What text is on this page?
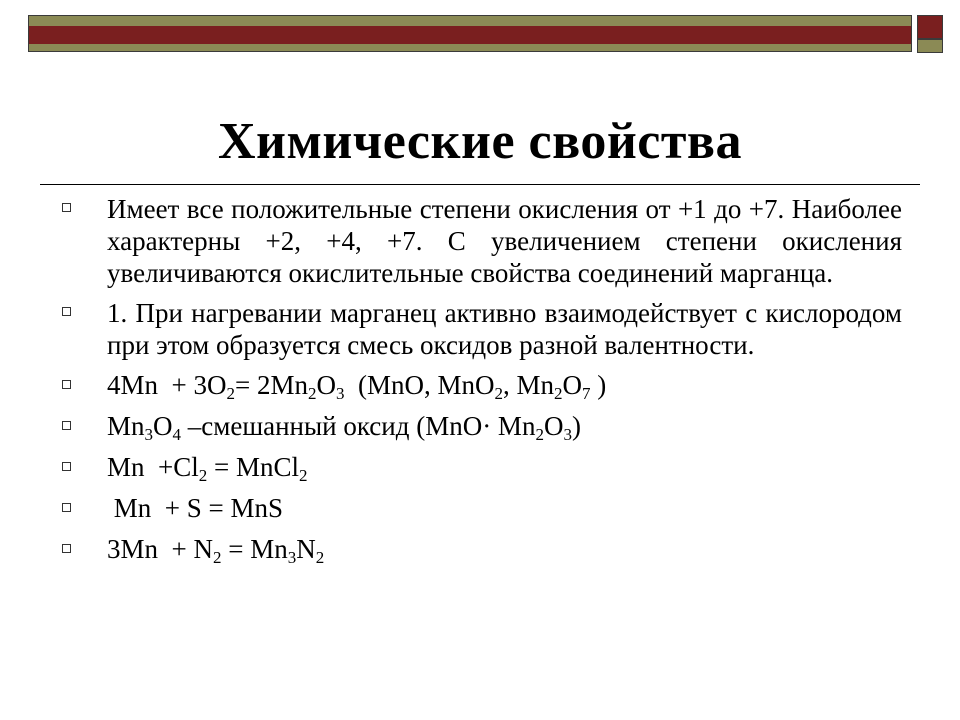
Химические свойства
Имеет все положительные степени окисления от +1 до +7. Наиболее характерны +2, +4, +7. С увеличением степени окисления увеличиваются окислительные свойства соединений марганца.
1. При нагревании марганец активно взаимодействует с кислородом при этом образуется смесь оксидов разной валентности.
$4Mn + 3O_2= 2Mn_2O_3$  (MnO, MnO$_2$, $Mn_2O_7$ )
$Mn_3O_4$ –смешанный оксид $(MnO\cdot Mn_2O_3)$
$Mn +Cl_2$ = MnCl$_2$
Mn  + S = MnS
$3Mn + N_2 = Mn_3N_2$
